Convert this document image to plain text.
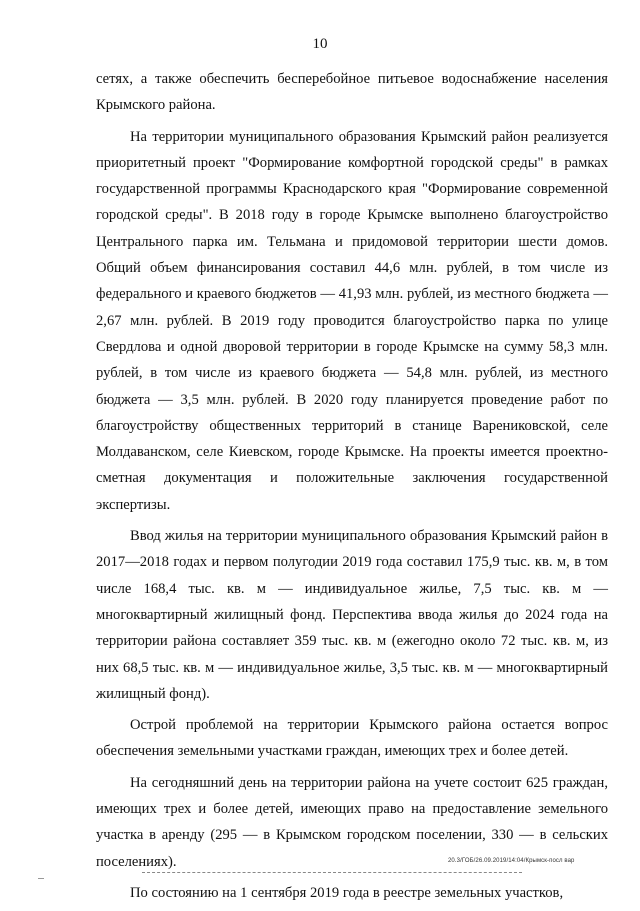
10

сетях, а также обеспечить бесперебойное питьевое водоснабжение населения Крымского района.

На территории муниципального образования Крымский район реализуется приоритетный проект "Формирование комфортной городской среды" в рамках государственной программы Краснодарского края "Формирование современной городской среды". В 2018 году в городе Крымске выполнено благоустройство Центрального парка им. Тельмана и придомовой территории шести домов. Общий объем финансирования составил 44,6 млн. рублей, в том числе из федерального и краевого бюджетов — 41,93 млн. рублей, из местного бюджета — 2,67 млн. рублей. В 2019 году проводится благоустройство парка по улице Свердлова и одной дворовой территории в городе Крымске на сумму 58,3 млн. рублей, в том числе из краевого бюджета — 54,8 млн. рублей, из местного бюджета — 3,5 млн. рублей. В 2020 году планируется проведение работ по благоустройству общественных территорий в станице Варениковской, селе Молдаванском, селе Киевском, городе Крымске. На проекты имеется проектно-сметная документация и положительные заключения государственной экспертизы.

Ввод жилья на территории муниципального образования Крымский район в 2017—2018 годах и первом полугодии 2019 года составил 175,9 тыс. кв. м, в том числе 168,4 тыс. кв. м — индивидуальное жилье, 7,5 тыс. кв. м — многоквартирный жилищный фонд. Перспектива ввода жилья до 2024 года на территории района составляет 359 тыс. кв. м (ежегодно около 72 тыс. кв. м, из них 68,5 тыс. кв. м — индивидуальное жилье, 3,5 тыс. кв. м — многоквартирный жилищный фонд).

Острой проблемой на территории Крымского района остается вопрос обеспечения земельными участками граждан, имеющих трех и более детей.

На сегодняшний день на территории района на учете состоит 625 граждан, имеющих трех и более детей, имеющих право на предоставление земельного участка в аренду (295 — в Крымском городском поселении, 330 — в сельских поселениях).

По состоянию на 1 сентября 2019 года в реестре земельных участков,

20.3/ГОБ/26.09.2019/14:04/Крымск-посл вар
